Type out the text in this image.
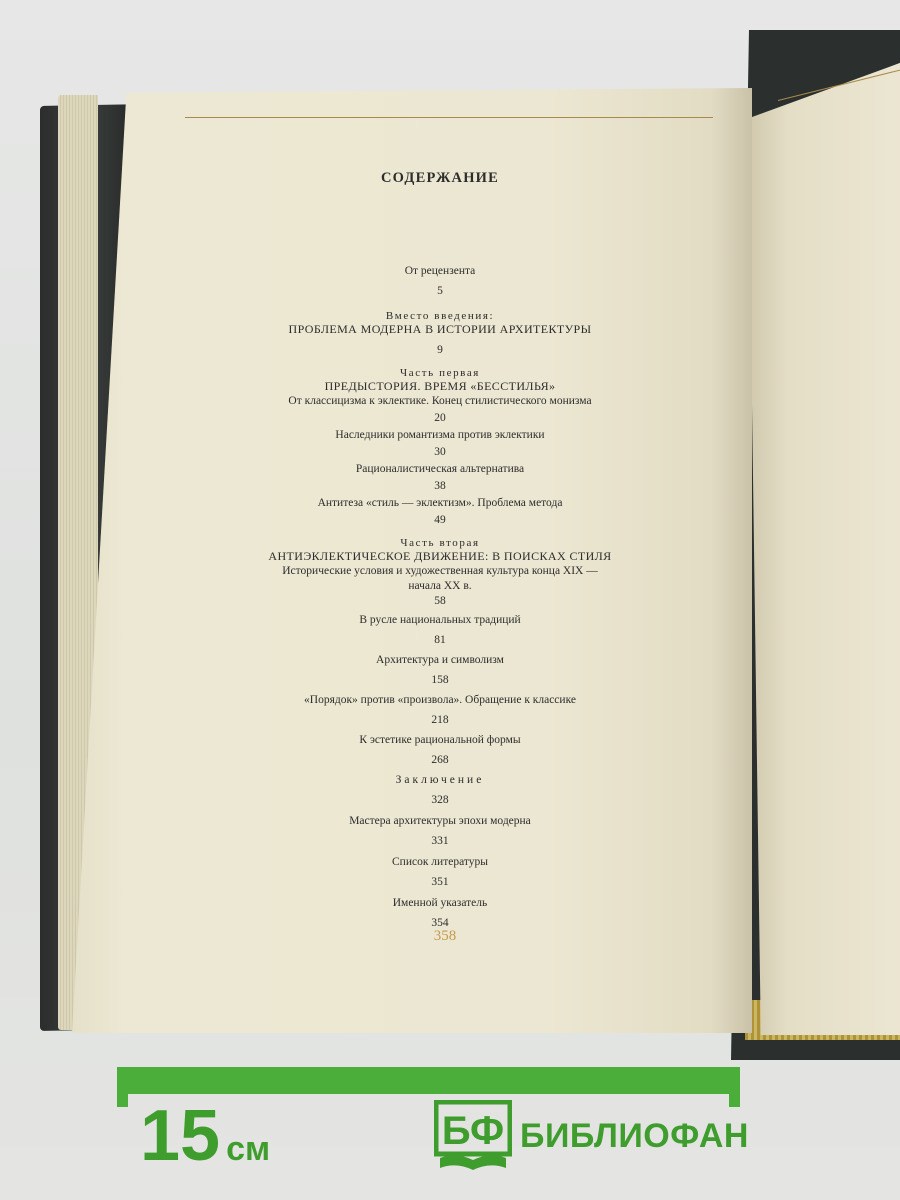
СОДЕРЖАНИЕ
От рецензента
5
Вместо введения:
ПРОБЛЕМА МОДЕРНА В ИСТОРИИ АРХИТЕКТУРЫ
9
Часть первая
ПРЕДЫСТОРИЯ. ВРЕМЯ «БЕССТИЛЬЯ»
От классицизма к эклектике. Конец стилистического монизма
20
Наследники романтизма против эклектики
30
Рационалистическая альтернатива
38
Антитеза «стиль — эклектизм». Проблема метода
49
Часть вторая
АНТИЭКЛЕКТИЧЕСКОЕ ДВИЖЕНИЕ: В ПОИСКАХ СТИЛЯ
Исторические условия и художественная культура конца XIX —
начала XX в.
58
В русле национальных традиций
81
Архитектура и символизм
158
«Порядок» против «произвола». Обращение к классике
218
К эстетике рациональной формы
268
Заключение
328
Мастера архитектуры эпохи модерна
331
Список литературы
351
Именной указатель
354
358
15 см	БФ БИБЛИОФАН
